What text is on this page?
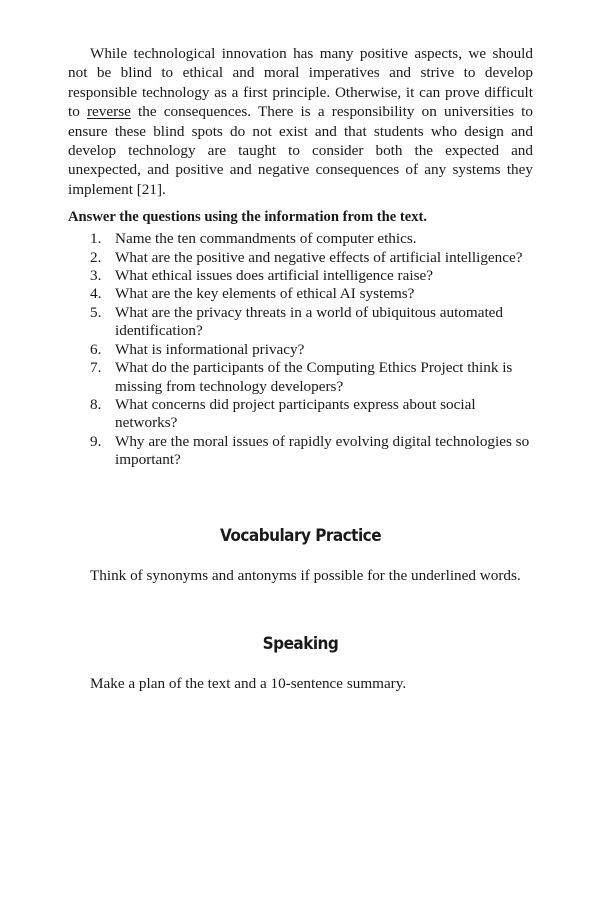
While technological innovation has many positive aspects, we should not be blind to ethical and moral imperatives and strive to develop responsible technology as a first principle. Otherwise, it can prove difficult to reverse the consequences. There is a responsibility on universities to ensure these blind spots do not exist and that students who design and develop technology are taught to consider both the expected and unexpected, and positive and negative consequences of any systems they implement [21].

Answer the questions using the information from the text.
1. Name the ten commandments of computer ethics.
2. What are the positive and negative effects of artificial intelligence?
3. What ethical issues does artificial intelligence raise?
4. What are the key elements of ethical AI systems?
5. What are the privacy threats in a world of ubiquitous automated identification?
6. What is informational privacy?
7. What do the participants of the Computing Ethics Project think is missing from technology developers?
8. What concerns did project participants express about social networks?
9. Why are the moral issues of rapidly evolving digital technologies so important?
Vocabulary Practice

Think of synonyms and antonyms if possible for the underlined words.

Speaking

Make a plan of the text and a 10-sentence summary.
